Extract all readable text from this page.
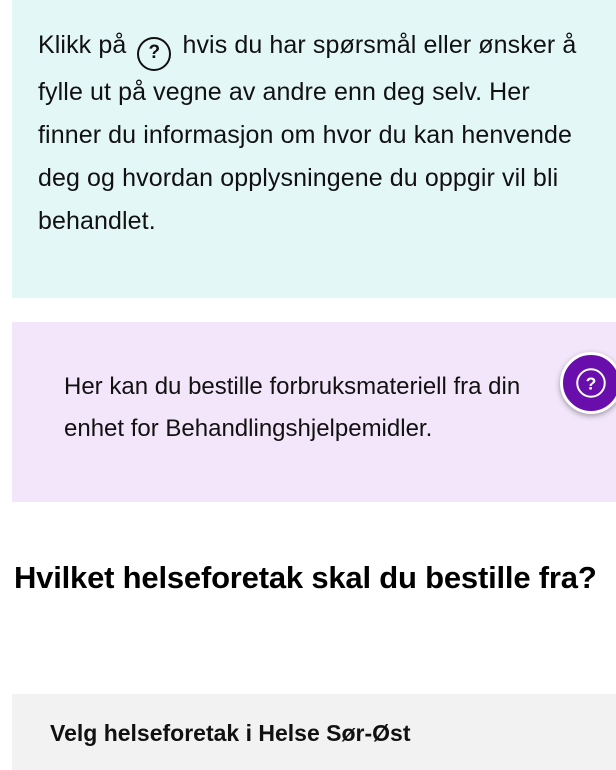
Klikk på ? hvis du har spørsmål eller ønsker å fylle ut på vegne av andre enn deg selv. Her finner du informasjon om hvor du kan henvende deg og hvordan opplysningene du oppgir vil bli behandlet.
Her kan du bestille forbruksmateriell fra din enhet for Behandlingshjelpemidler.
?
Hvilket helseforetak skal du bestille fra?
Velg helseforetak i Helse Sør-Øst
